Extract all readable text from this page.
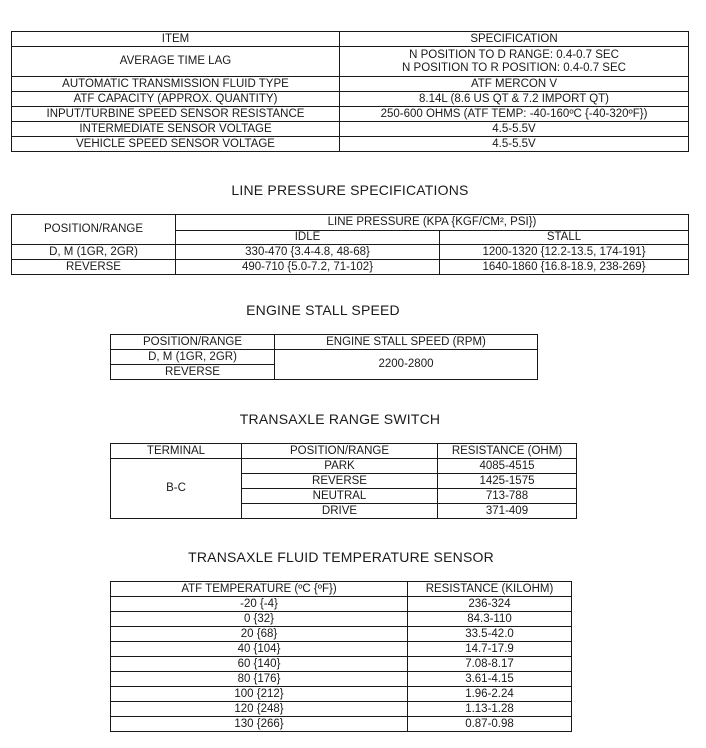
ITEM	SPECIFICATION
AVERAGE TIME LAG	N POSITION TO D RANGE: 0.4-0.7 SEC
N POSITION TO R POSITION: 0.4-0.7 SEC

AUTOMATIC TRANSMISSION FLUID TYPE	ATF MERCON V
ATF CAPACITY (APPROX. QUANTITY)	8.14L (8.6 US QT & 7.2 IMPORT QT)
INPUT/TURBINE SPEED SENSOR RESISTANCE	250-600 OHMS (ATF TEMP: -40-160ºC {-40-320ºF})
INTERMEDIATE SENSOR VOLTAGE	4.5-5.5V
VEHICLE SPEED SENSOR VOLTAGE	4.5-5.5V
LINE PRESSURE SPECIFICATIONS
POSITION/RANGE	LINE PRESSURE (KPA {KGF/CM², PSI})	
	IDLE	STALL
D, M (1GR, 2GR)	330-470 {3.4-4.8, 48-68}	1200-1320 {12.2-13.5, 174-191}
REVERSE	490-710 {5.0-7.2, 71-102}	1640-1860 {16.8-18.9, 238-269}
ENGINE STALL SPEED
POSITION/RANGE	ENGINE STALL SPEED (RPM)
D, M (1GR, 2GR)	2200-2800
REVERSE	
TRANSAXLE RANGE SWITCH
TERMINAL	POSITION/RANGE	RESISTANCE (OHM)
B-C	PARK	4085-4515
	REVERSE	1425-1575
	NEUTRAL	713-788
	DRIVE	371-409
TRANSAXLE FLUID TEMPERATURE SENSOR
ATF TEMPERATURE (ºC {ºF})	RESISTANCE (KILOHM)
-20 {-4}	236-324
0 {32}	84.3-110
20 {68}	33.5-42.0
40 {104}	14.7-17.9
60 {140}	7.08-8.17
80 {176}	3.61-4.15
100 {212}	1.96-2.24
120 {248}	1.13-1.28
130 {266}	0.87-0.98
